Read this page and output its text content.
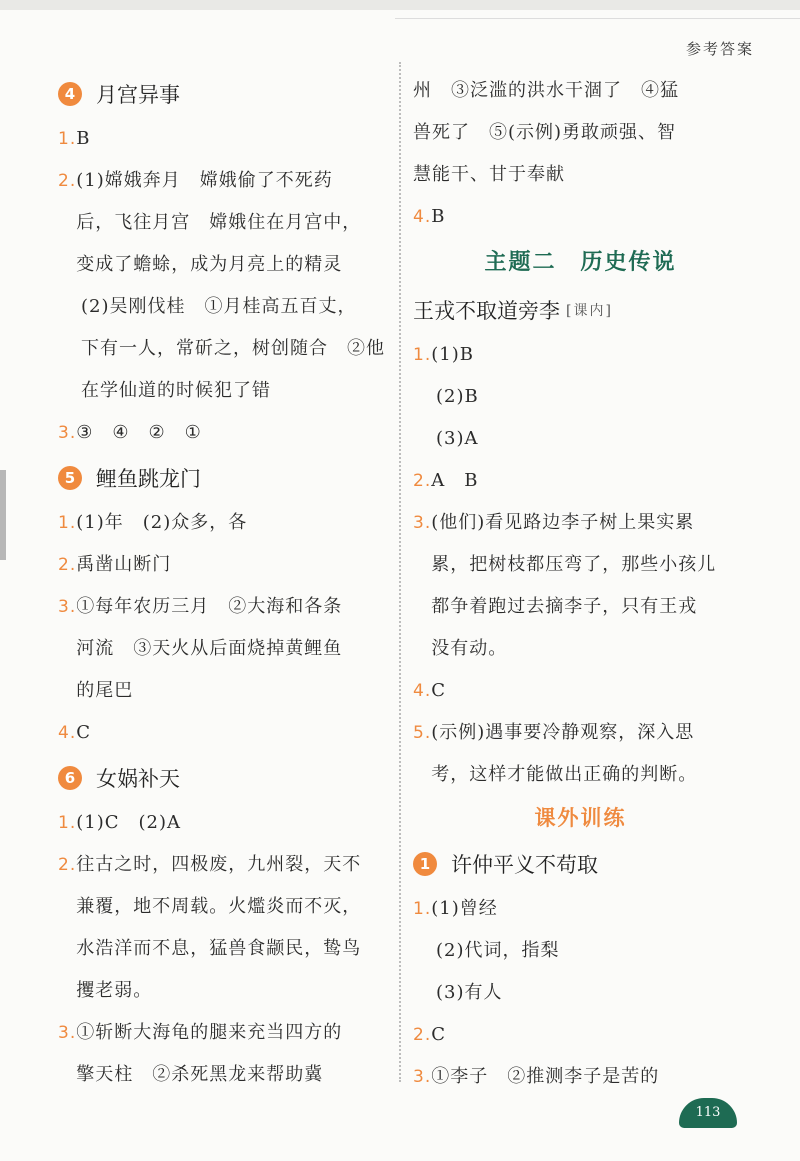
参考答案
4 月宫异事
1. B
2. (1)嫦娥奔月　嫦娥偷了不死药
后，飞往月宫　嫦娥住在月宫中，
变成了蟾蜍，成为月亮上的精灵
(2)吴刚伐桂　①月桂高五百丈，
下有一人，常斫之，树创随合　②他
在学仙道的时候犯了错
3. ③　④　②　①
5 鲤鱼跳龙门
1. (1)年　(2)众多，各
2. 禹凿山断门
3. ①每年农历三月　②大海和各条
河流　③天火从后面烧掉黄鲤鱼
的尾巴
4. C
6 女娲补天
1. (1)C　(2)A
2. 往古之时，四极废，九州裂，天不
兼覆，地不周载。火爁炎而不灭，
水浩洋而不息，猛兽食颛民，鸷鸟
攫老弱。
3. ①斩断大海龟的腿来充当四方的
擎天柱　②杀死黑龙来帮助冀
州　③泛滥的洪水干涸了　④猛
兽死了　⑤(示例)勇敢顽强、智
慧能干、甘于奉献
4. B
主题二　历史传说
王戎不取道旁李 [课内]
1. (1)B
(2)B
(3)A
2. A　B
3. (他们)看见路边李子树上果实累
累，把树枝都压弯了，那些小孩儿
都争着跑过去摘李子，只有王戎
没有动。
4. C
5. (示例)遇事要冷静观察，深入思
考，这样才能做出正确的判断。
课外训练
1 许仲平义不苟取
1. (1)曾经
(2)代词，指梨
(3)有人
2. C
3. ①李子　②推测李子是苦的
113
